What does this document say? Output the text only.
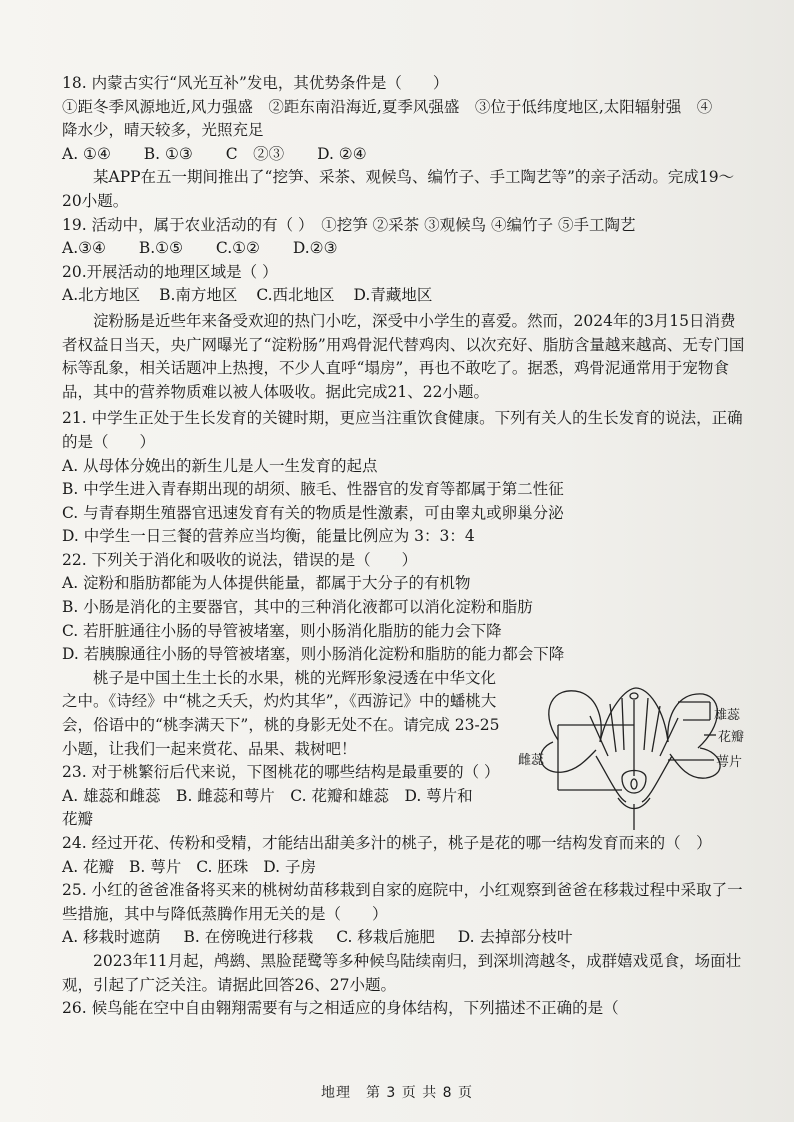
18. 内蒙古实行“风光互补”发电，其优势条件是（　　）

①距冬季风源地近,风力强盛　②距东南沿海近,夏季风强盛　③位于低纬度地区,太阳辐射强　④

降水少，晴天较多，光照充足

A. ①④ B. ①③ C　②③ D. ②④

某APP在五一期间推出了“挖笋、采茶、观候鸟、编竹子、手工陶艺等”的亲子活动。完成19～20小题。

19. 活动中，属于农业活动的有（ ）　①挖笋 ②采茶 ③观候鸟 ④编竹子 ⑤手工陶艺

A.③④ B.①⑤ C.①② D.②③

20.开展活动的地理区域是（ ）

A.北方地区 B.南方地区 C.西北地区 D.青藏地区

淀粉肠是近些年来备受欢迎的热门小吃，深受中小学生的喜爱。然而，2024年的3月15日消费者权益日当天，央广网曝光了“淀粉肠”用鸡骨泥代替鸡肉、以次充好、脂肪含量越来越高、无专门国标等乱象，相关话题冲上热搜，不少人直呼“塌房”，再也不敢吃了。据悉，鸡骨泥通常用于宠物食品，其中的营养物质难以被人体吸收。据此完成21、22小题。

21. 中学生正处于生长发育的关键时期，更应当注重饮食健康。下列有关人的生长发育的说法，正确的是（　　）

A. 从母体分娩出的新生儿是人一生发育的起点

B. 中学生进入青春期出现的胡须、腋毛、性器官的发育等都属于第二性征

C. 与青春期生殖器官迅速发育有关的物质是性激素，可由睾丸或卵巢分泌

D. 中学生一日三餐的营养应当均衡，能量比例应为 3：3：4

22. 下列关于消化和吸收的说法，错误的是（　　）

A. 淀粉和脂肪都能为人体提供能量，都属于大分子的有机物

B. 小肠是消化的主要器官，其中的三种消化液都可以消化淀粉和脂肪

C. 若肝脏通往小肠的导管被堵塞，则小肠消化脂肪的能力会下降

D. 若胰腺通往小肠的导管被堵塞，则小肠消化淀粉和脂肪的能力都会下降

桃子是中国土生土长的水果，桃的光辉形象浸透在中华文化

之中。《诗经》中“桃之夭夭，灼灼其华”，《西游记》中的蟠桃大

会，俗语中的“桃李满天下”，桃的身影无处不在。请完成 23-25

小题，让我们一起来赏花、品果、栽树吧！

23. 对于桃繁衍后代来说，下图桃花的哪些结构是最重要的（ ）

A. 雄蕊和雌蕊　B. 雌蕊和萼片　C. 花瓣和雄蕊　D. 萼片和

花瓣

24. 经过开花、传粉和受精，才能结出甜美多汁的桃子，桃子是花的哪一结构发育而来的（　）

A. 花瓣 B. 萼片 C. 胚珠 D. 子房

25. 小红的爸爸准备将买来的桃树幼苗移栽到自家的庭院中，小红观察到爸爸在移栽过程中采取了一些措施，其中与降低蒸腾作用无关的是（　　）

A. 移栽时遮荫 B. 在傍晚进行移栽 C. 移栽后施肥 D. 去掉部分枝叶

2023年11月起，鸬鹚、黑脸琵鹭等多种候鸟陆续南归，到深圳湾越冬，成群嬉戏觅食，场面壮观，引起了广泛关注。请据此回答26、27小题。

26. 候鸟能在空中自由翱翔需要有与之相适应的身体结构，下列描述不正确的是（

雄蕊
花瓣
萼片
雌蕊
地理　第 3 页 共 8 页
